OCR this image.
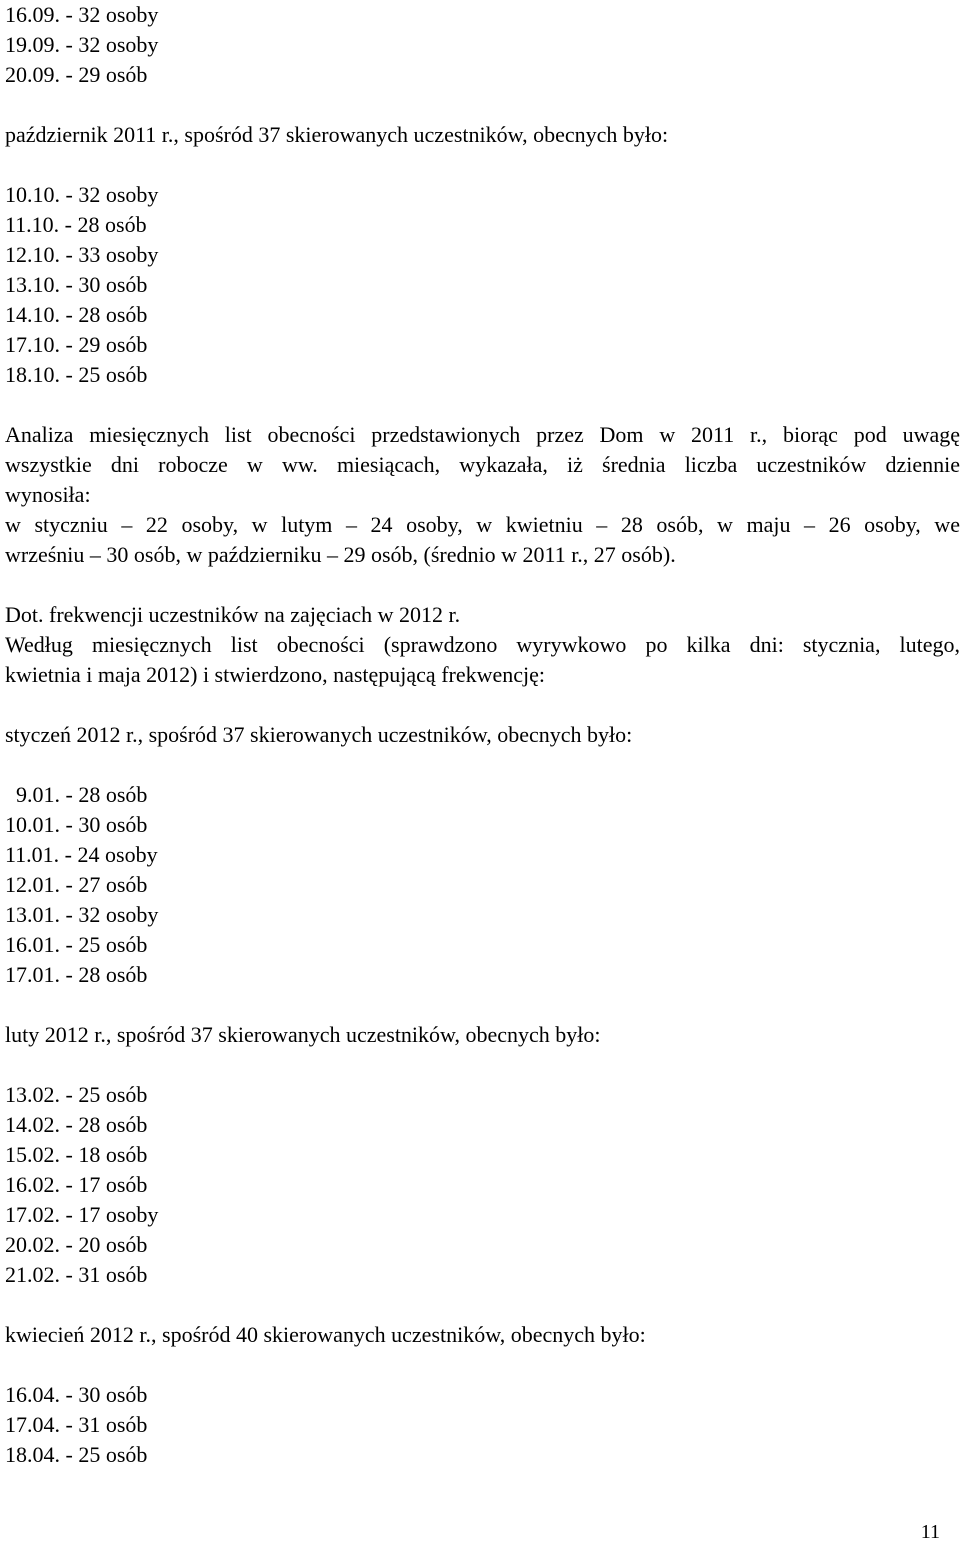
16.09. - 32 osoby
19.09. - 32 osoby
20.09. - 29 osób
październik 2011 r., spośród 37 skierowanych uczestników, obecnych było:
10.10. - 32 osoby
11.10. - 28 osób
12.10. - 33 osoby
13.10. - 30 osób
14.10. - 28 osób
17.10. - 29 osób
18.10. - 25 osób
Analiza miesięcznych list obecności przedstawionych przez Dom w 2011 r., biorąc pod uwagę
wszystkie dni robocze w ww. miesiącach, wykazała, iż średnia liczba uczestników dziennie
wynosiła:
w styczniu – 22 osoby, w lutym – 24 osoby, w kwietniu – 28 osób, w maju – 26 osoby, we
wrześniu – 30 osób, w październiku – 29 osób, (średnio w 2011 r., 27 osób).
Dot. frekwencji uczestników na zajęciach w 2012 r.
Według miesięcznych list obecności (sprawdzono wyrywkowo po kilka dni: stycznia, lutego,
kwietnia i maja 2012) i stwierdzono, następującą frekwencję:
styczeń 2012 r., spośród 37 skierowanych uczestników, obecnych było:
9.01. - 28 osób
10.01. - 30 osób
11.01. - 24 osoby
12.01. - 27 osób
13.01. - 32 osoby
16.01. - 25 osób
17.01. - 28 osób
luty 2012 r., spośród 37 skierowanych uczestników, obecnych było:
13.02. - 25 osób
14.02. - 28 osób
15.02. - 18 osób
16.02. - 17 osób
17.02. - 17 osoby
20.02. - 20 osób
21.02. - 31 osób
kwiecień 2012 r., spośród 40 skierowanych uczestników, obecnych było:
16.04. - 30 osób
17.04. - 31 osób
18.04. - 25 osób
11
